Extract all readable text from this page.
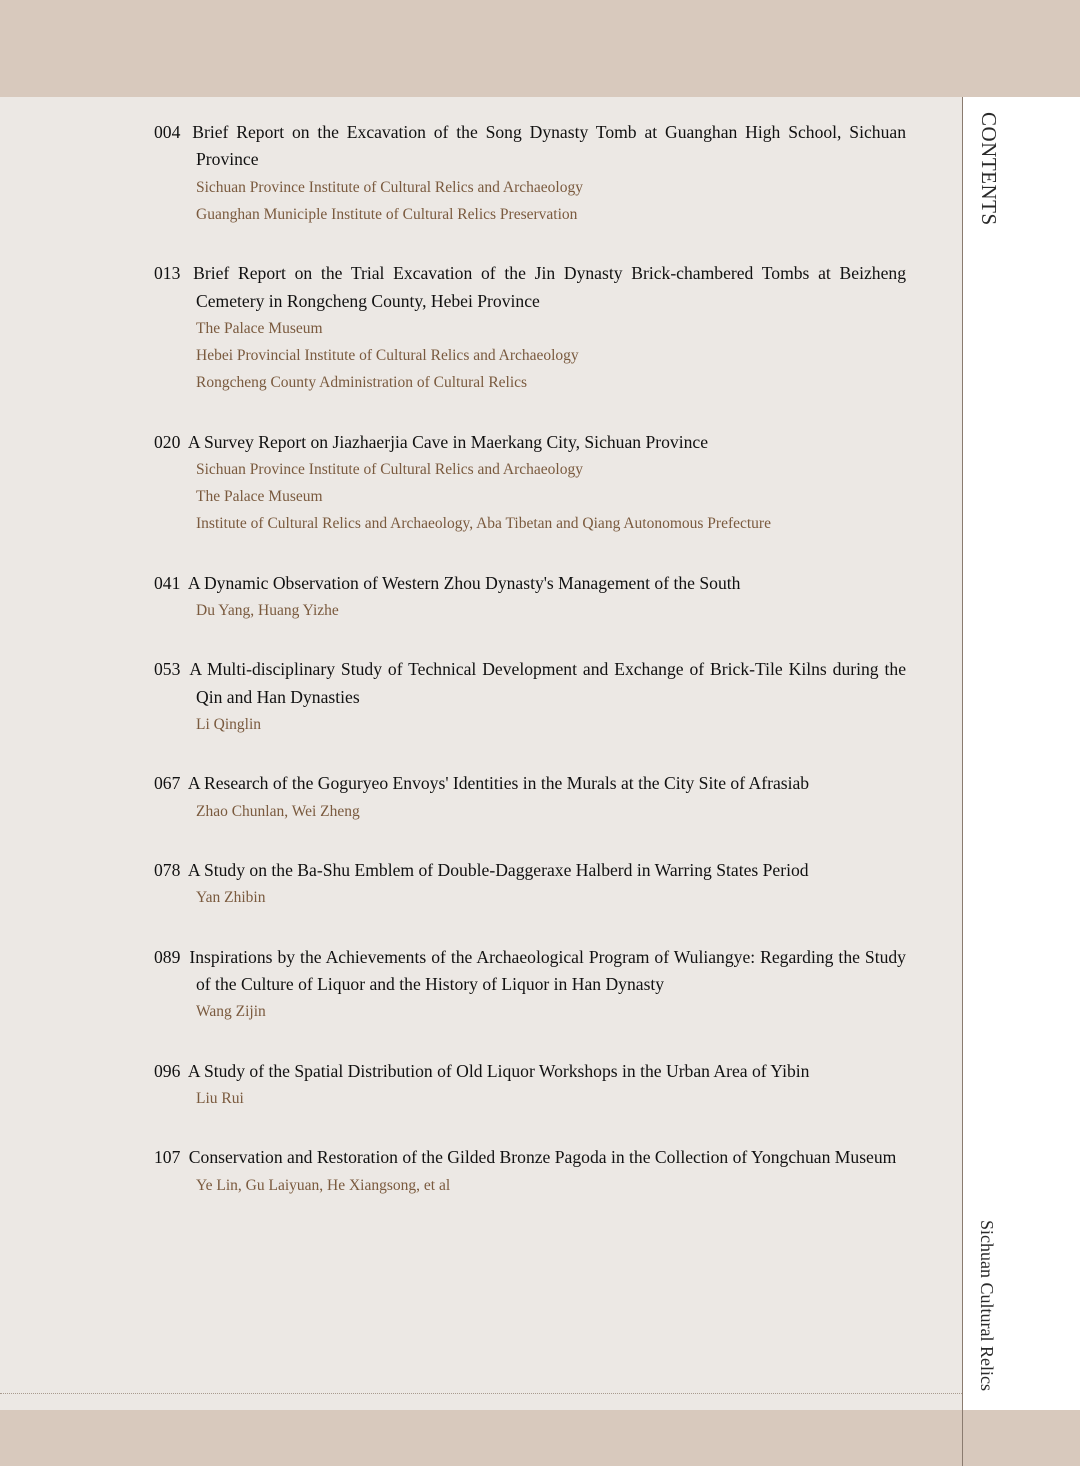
CONTENTS
Sichuan Cultural Relics
004 Brief Report on the Excavation of the Song Dynasty Tomb at Guanghan High School, Sichuan Province
Sichuan Province Institute of Cultural Relics and Archaeology
Guanghan Municiple Institute of Cultural Relics Preservation
013 Brief Report on the Trial Excavation of the Jin Dynasty Brick-chambered Tombs at Beizheng Cemetery in Rongcheng County, Hebei Province
The Palace Museum
Hebei Provincial Institute of Cultural Relics and Archaeology
Rongcheng County Administration of Cultural Relics
020 A Survey Report on Jiazhaerjia Cave in Maerkang City, Sichuan Province
Sichuan Province Institute of Cultural Relics and Archaeology
The Palace Museum
Institute of Cultural Relics and Archaeology, Aba Tibetan and Qiang Autonomous Prefecture
041 A Dynamic Observation of Western Zhou Dynasty's Management of the South
Du Yang, Huang Yizhe
053 A Multi-disciplinary Study of Technical Development and Exchange of Brick-Tile Kilns during the Qin and Han Dynasties
Li Qinglin
067 A Research of the Goguryeo Envoys' Identities in the Murals at the City Site of Afrasiab
Zhao Chunlan, Wei Zheng
078 A Study on the Ba-Shu Emblem of Double-Daggeraxe Halberd in Warring States Period
Yan Zhibin
089 Inspirations by the Achievements of the Archaeological Program of Wuliangye: Regarding the Study of the Culture of Liquor and the History of Liquor in Han Dynasty
Wang Zijin
096 A Study of the Spatial Distribution of Old Liquor Workshops in the Urban Area of Yibin
Liu Rui
107 Conservation and Restoration of the Gilded Bronze Pagoda in the Collection of Yongchuan Museum
Ye Lin, Gu Laiyuan, He Xiangsong, et al
